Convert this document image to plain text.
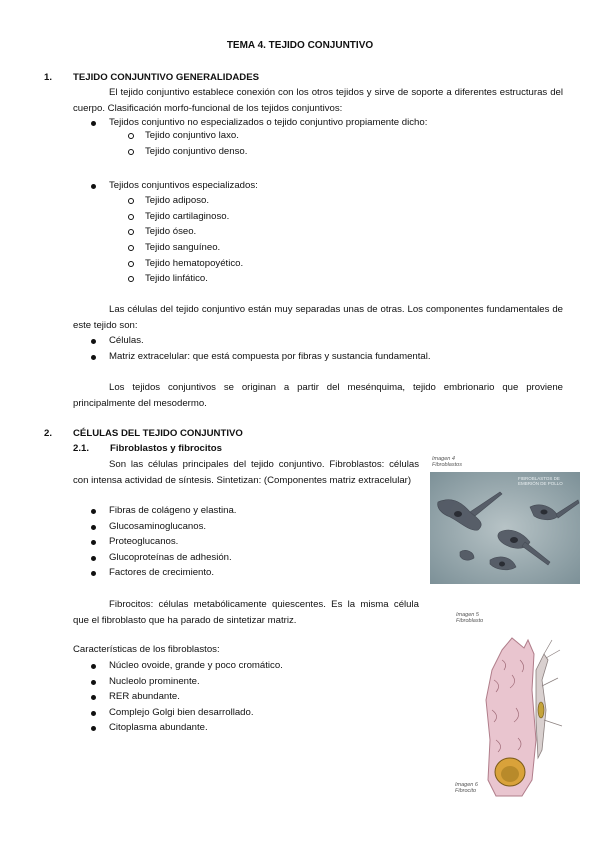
TEMA 4. TEJIDO CONJUNTIVO
1. TEJIDO CONJUNTIVO GENERALIDADES
El tejido conjuntivo establece conexión con los otros tejidos y sirve de soporte a diferentes estructuras del cuerpo. Clasificación morfo-funcional de los tejidos conjuntivos:
Tejidos conjuntivo no especializados o tejido conjuntivo propiamente dicho:
Tejido conjuntivo laxo.
Tejido conjuntivo denso.
Tejidos conjuntivos especializados:
Tejido adiposo.
Tejido cartilaginoso.
Tejido óseo.
Tejido sanguíneo.
Tejido hematopoyético.
Tejido linfático.
Las células del tejido conjuntivo están muy separadas unas de otras. Los componentes fundamentales de este tejido son:
Células.
Matriz extracelular: que está compuesta por fibras y sustancia fundamental.
Los tejidos conjuntivos se originan a partir del mesénquima, tejido embrionario que proviene principalmente del mesodermo.
2. CÉLULAS DEL TEJIDO CONJUNTIVO
2.1. Fibroblastos y fibrocitos
Son las células principales del tejido conjuntivo. Fibroblastos: células con intensa actividad de síntesis. Sintetizan: (Componentes matriz extracelular)
Fibras de colágeno y elastina.
Glucosaminoglucanos.
Proteoglucanos.
Glucoproteínas de adhesión.
Factores de crecimiento.
Fibrocitos: células metabólicamente quiescentes. Es la misma célula que el fibroblasto que ha parado de sintetizar matriz.
Características de los fibroblastos:
Núcleo ovoide, grande y poco cromático.
Nucleolo prominente.
RER abundante.
Complejo Golgi bien desarrollado.
Citoplasma abundante.
Imagen 4
Fibroblastos
FIBROBLASTOS DE EMBRIÓN DE POLLO
Imagen 5
Fibroblasto
Imagen 6
Fibrocito
